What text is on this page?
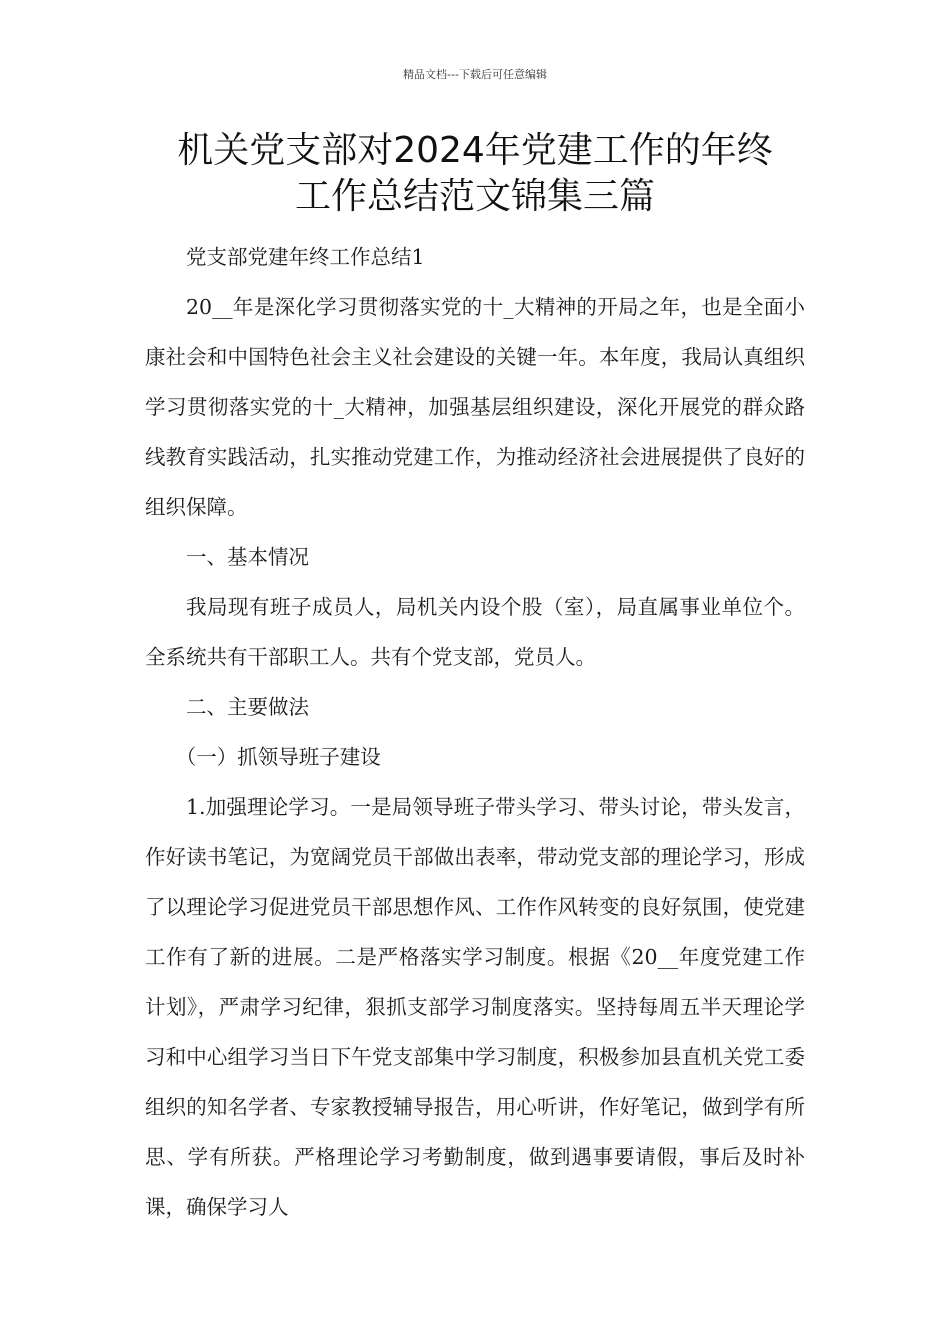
精品文档---下载后可任意编辑
机关党支部对2024年党建工作的年终
工作总结范文锦集三篇

党支部党建年终工作总结1

20__年是深化学习贯彻落实党的十_大精神的开局之年，也是全面小康社会和中国特色社会主义社会建设的关键一年。本年度，我局认真组织学习贯彻落实党的十_大精神，加强基层组织建设，深化开展党的群众路线教育实践活动，扎实推动党建工作，为推动经济社会进展提供了良好的组织保障。

一、基本情况

我局现有班子成员人，局机关内设个股（室），局直属事业单位个。全系统共有干部职工人。共有个党支部，党员人。

二、主要做法

（一）抓领导班子建设

1.加强理论学习。一是局领导班子带头学习、带头讨论，带头发言，作好读书笔记，为宽阔党员干部做出表率，带动党支部的理论学习，形成了以理论学习促进党员干部思想作风、工作作风转变的良好氛围，使党建工作有了新的进展。二是严格落实学习制度。根据《20__年度党建工作计划》，严肃学习纪律，狠抓支部学习制度落实。坚持每周五半天理论学习和中心组学习当日下午党支部集中学习制度，积极参加县直机关党工委组织的知名学者、专家教授辅导报告，用心听讲，作好笔记，做到学有所思、学有所获。严格理论学习考勤制度，做到遇事要请假，事后及时补课，确保学习人
